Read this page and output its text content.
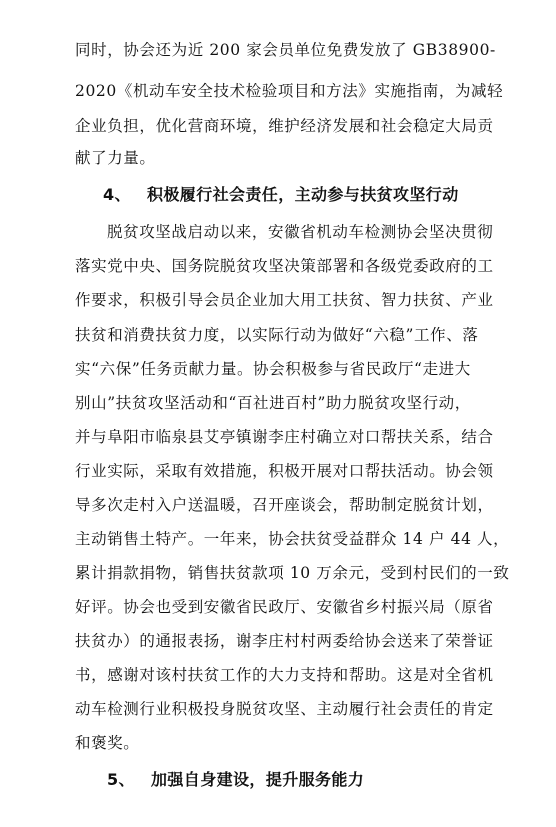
同时，协会还为近 200 家会员单位免费发放了 GB38900-
2020《机动车安全技术检验项目和方法》实施指南，为减轻
企业负担，优化营商环境，维护经济发展和社会稳定大局贡
献了力量。
4、 积极履行社会责任，主动参与扶贫攻坚行动
脱贫攻坚战启动以来，安徽省机动车检测协会坚决贯彻
落实党中央、国务院脱贫攻坚决策部署和各级党委政府的工
作要求，积极引导会员企业加大用工扶贫、智力扶贫、产业
扶贫和消费扶贫力度，以实际行动为做好“六稳”工作、落
实“六保”任务贡献力量。协会积极参与省民政厅“走进大
别山”扶贫攻坚活动和“百社进百村”助力脱贫攻坚行动，
并与阜阳市临泉县艾亭镇谢李庄村确立对口帮扶关系，结合
行业实际，采取有效措施，积极开展对口帮扶活动。协会领
导多次走村入户送温暖，召开座谈会，帮助制定脱贫计划，
主动销售土特产。一年来，协会扶贫受益群众 14 户 44 人，
累计捐款捐物，销售扶贫款项 10 万余元，受到村民们的一致
好评。协会也受到安徽省民政厅、安徽省乡村振兴局（原省
扶贫办）的通报表扬，谢李庄村村两委给协会送来了荣誉证
书，感谢对该村扶贫工作的大力支持和帮助。这是对全省机
动车检测行业积极投身脱贫攻坚、主动履行社会责任的肯定
和褒奖。
5、 加强自身建设，提升服务能力
